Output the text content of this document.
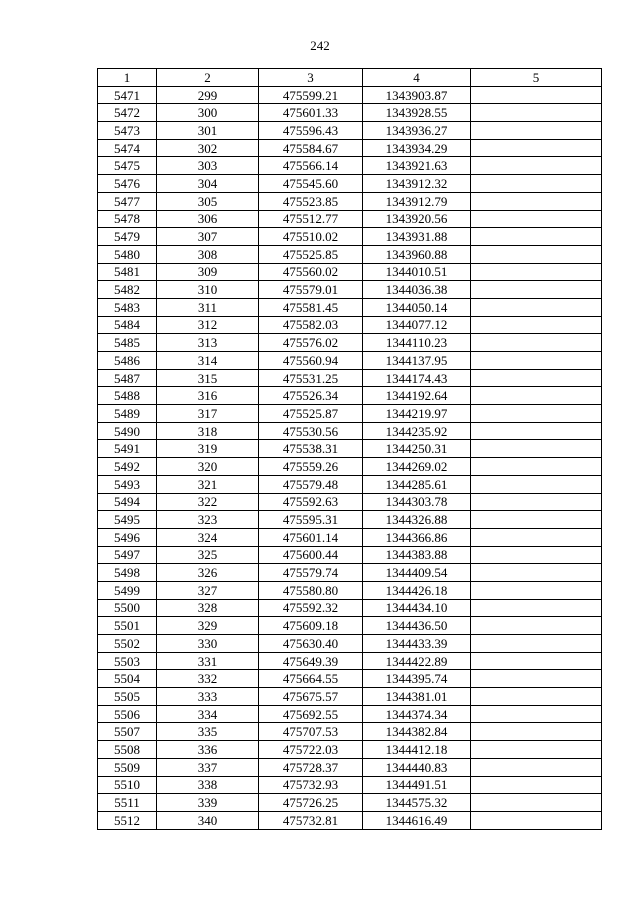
242
1	2	3	4	5
5471	299	475599.21	1343903.87	
5472	300	475601.33	1343928.55	
5473	301	475596.43	1343936.27	
5474	302	475584.67	1343934.29	
5475	303	475566.14	1343921.63	
5476	304	475545.60	1343912.32	
5477	305	475523.85	1343912.79	
5478	306	475512.77	1343920.56	
5479	307	475510.02	1343931.88	
5480	308	475525.85	1343960.88	
5481	309	475560.02	1344010.51	
5482	310	475579.01	1344036.38	
5483	311	475581.45	1344050.14	
5484	312	475582.03	1344077.12	
5485	313	475576.02	1344110.23	
5486	314	475560.94	1344137.95	
5487	315	475531.25	1344174.43	
5488	316	475526.34	1344192.64	
5489	317	475525.87	1344219.97	
5490	318	475530.56	1344235.92	
5491	319	475538.31	1344250.31	
5492	320	475559.26	1344269.02	
5493	321	475579.48	1344285.61	
5494	322	475592.63	1344303.78	
5495	323	475595.31	1344326.88	
5496	324	475601.14	1344366.86	
5497	325	475600.44	1344383.88	
5498	326	475579.74	1344409.54	
5499	327	475580.80	1344426.18	
5500	328	475592.32	1344434.10	
5501	329	475609.18	1344436.50	
5502	330	475630.40	1344433.39	
5503	331	475649.39	1344422.89	
5504	332	475664.55	1344395.74	
5505	333	475675.57	1344381.01	
5506	334	475692.55	1344374.34	
5507	335	475707.53	1344382.84	
5508	336	475722.03	1344412.18	
5509	337	475728.37	1344440.83	
5510	338	475732.93	1344491.51	
5511	339	475726.25	1344575.32	
5512	340	475732.81	1344616.49	
